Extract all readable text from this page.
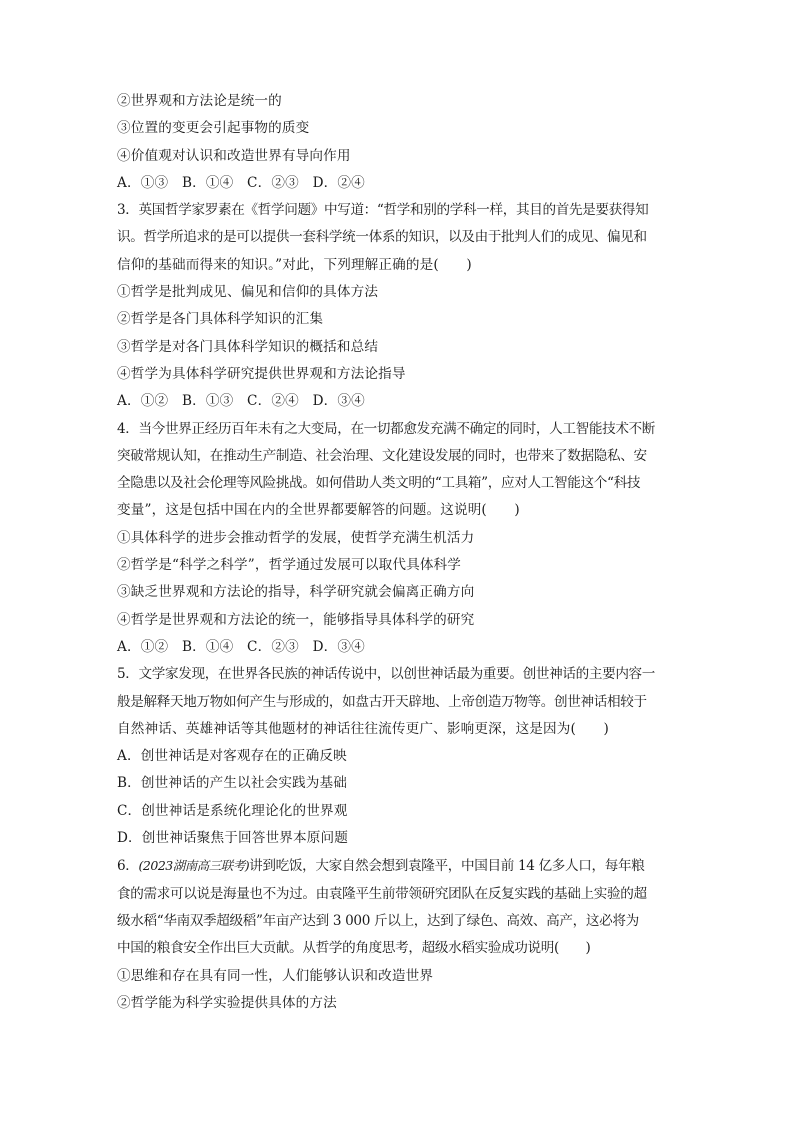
②世界观和方法论是统一的
③位置的变更会引起事物的质变
④价值观对认识和改造世界有导向作用
A．①③　B．①④　C．②③　D．②④
3．英国哲学家罗素在《哲学问题》中写道：“哲学和别的学科一样，其目的首先是要获得知
识。哲学所追求的是可以提供一套科学统一体系的知识，以及由于批判人们的成见、偏见和
信仰的基础而得来的知识。”对此，下列理解正确的是(　　)
①哲学是批判成见、偏见和信仰的具体方法
②哲学是各门具体科学知识的汇集
③哲学是对各门具体科学知识的概括和总结
④哲学为具体科学研究提供世界观和方法论指导
A．①②　B．①③　C．②④　D．③④
4．当今世界正经历百年未有之大变局，在一切都愈发充满不确定的同时，人工智能技术不断
突破常规认知，在推动生产制造、社会治理、文化建设发展的同时，也带来了数据隐私、安
全隐患以及社会伦理等风险挑战。如何借助人类文明的“工具箱”，应对人工智能这个“科技
变量”，这是包括中国在内的全世界都要解答的问题。这说明(　　)
①具体科学的进步会推动哲学的发展，使哲学充满生机活力
②哲学是“科学之科学”，哲学通过发展可以取代具体科学
③缺乏世界观和方法论的指导，科学研究就会偏离正确方向
④哲学是世界观和方法论的统一，能够指导具体科学的研究
A．①②　B．①④　C．②③　D．③④
5．文学家发现，在世界各民族的神话传说中，以创世神话最为重要。创世神话的主要内容一
般是解释天地万物如何产生与形成的，如盘古开天辟地、上帝创造万物等。创世神话相较于
自然神话、英雄神话等其他题材的神话往往流传更广、影响更深，这是因为(　　)
A．创世神话是对客观存在的正确反映
B．创世神话的产生以社会实践为基础
C．创世神话是系统化理论化的世界观
D．创世神话聚焦于回答世界本原问题
6．(2023湖南高三联考)讲到吃饭，大家自然会想到袁隆平，中国目前 14 亿多人口，每年粮
食的需求可以说是海量也不为过。由袁隆平生前带领研究团队在反复实践的基础上实验的超
级水稻“华南双季超级稻”年亩产达到 3 000 斤以上，达到了绿色、高效、高产，这必将为
中国的粮食安全作出巨大贡献。从哲学的角度思考，超级水稻实验成功说明(　　)
①思维和存在具有同一性，人们能够认识和改造世界
②哲学能为科学实验提供具体的方法
